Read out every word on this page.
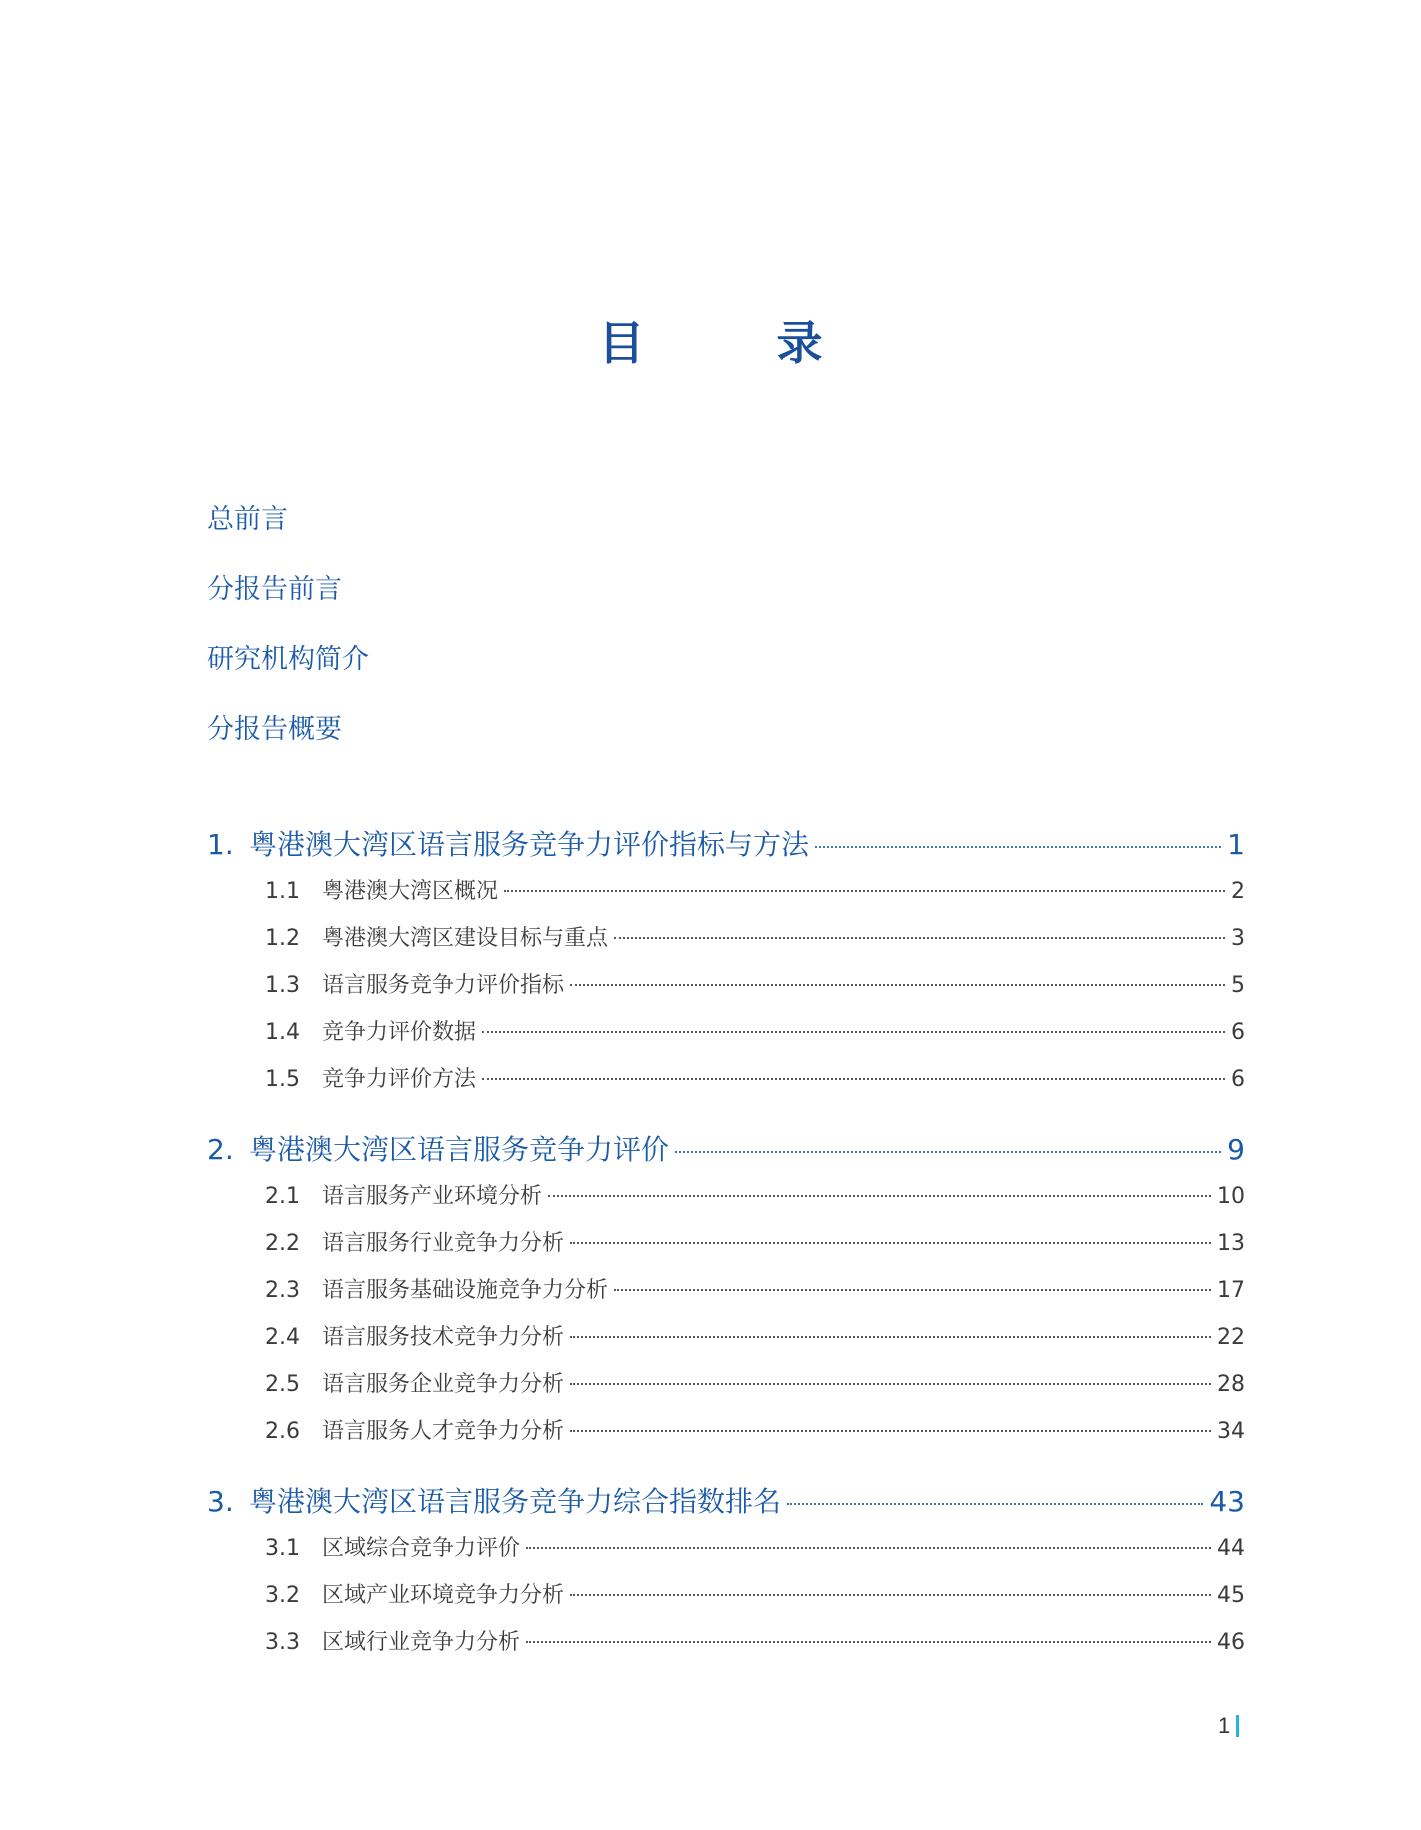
目 录
总前言
分报告前言
研究机构简介
分报告概要
1. 粤港澳大湾区语言服务竞争力评价指标与方法	1
1.1	粤港澳大湾区概况	2
1.2	粤港澳大湾区建设目标与重点	3
1.3	语言服务竞争力评价指标	5
1.4	竞争力评价数据	6
1.5	竞争力评价方法	6
2. 粤港澳大湾区语言服务竞争力评价	9
2.1	语言服务产业环境分析	10
2.2	语言服务行业竞争力分析	13
2.3	语言服务基础设施竞争力分析	17
2.4	语言服务技术竞争力分析	22
2.5	语言服务企业竞争力分析	28
2.6	语言服务人才竞争力分析	34
3. 粤港澳大湾区语言服务竞争力综合指数排名	43
3.1	区域综合竞争力评价	44
3.2	区域产业环境竞争力分析	45
3.3	区域行业竞争力分析	46
1
